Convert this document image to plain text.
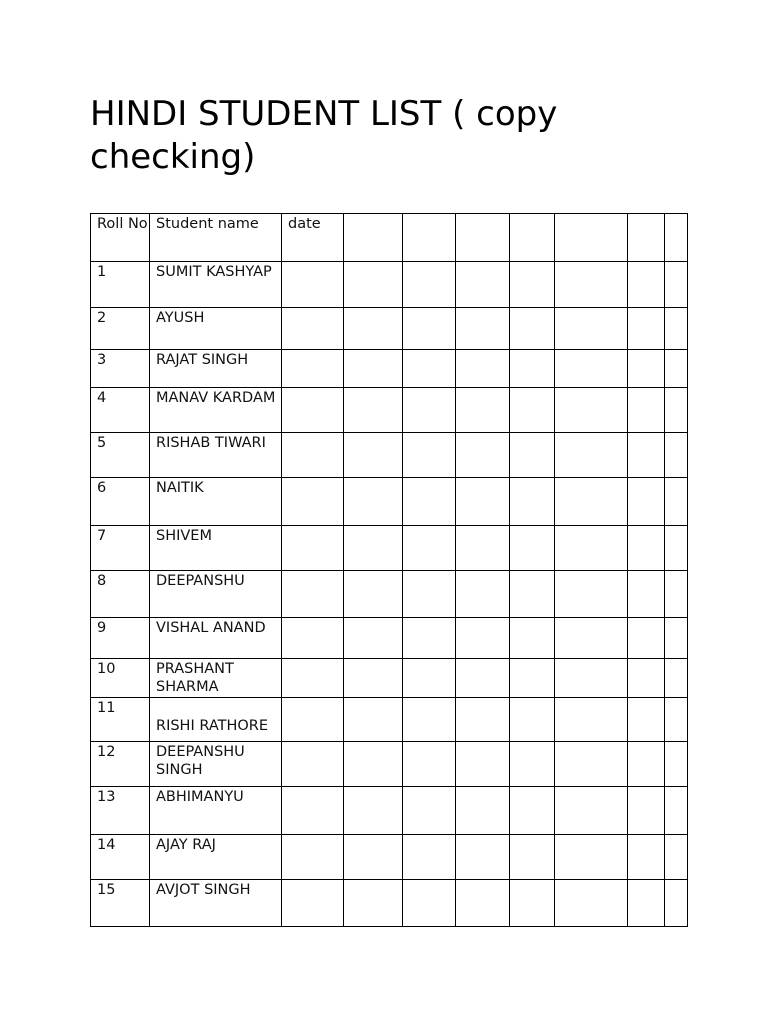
HINDI STUDENT LIST ( copy checking)
Roll No	Student name	date							

1	SUMIT KASHYAP								

2	AYUSH								

3	RAJAT SINGH								

4	MANAV KARDAM								

5	RISHAB TIWARI								

6	NAITIK								

7	SHIVEM								

8	DEEPANSHU								

9	VISHAL ANAND								

10	PRASHANT SHARMA								

11	RISHI RATHORE								

12	DEEPANSHU SINGH								

13	ABHIMANYU								

14	AJAY RAJ								

15	AVJOT SINGH								
